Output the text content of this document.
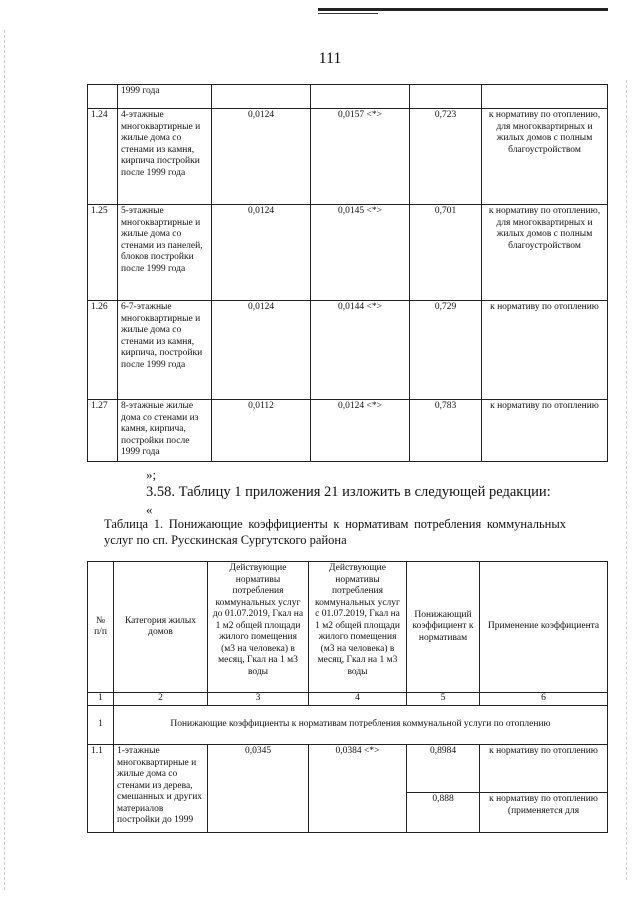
111
	1999 года				
1.24	4-этажные многоквартирные и жилые дома со стенами из камня, кирпича постройки после 1999 года	0,0124	0,0157 <*>	0,723	к нормативу по отоплению, для многоквартирных и жилых домов с полным благоустройством
1.25	5-этажные многоквартирные и жилые дома со стенами из панелей, блоков постройки после 1999 года	0,0124	0,0145 <*>	0,701	к нормативу по отоплению, для многоквартирных и жилых домов с полным благоустройством
1.26	6-7-этажные многоквартирные и жилые дома со стенами из камня, кирпича, постройки после 1999 года	0,0124	0,0144 <*>	0,729	к нормативу по отоплению
1.27	8-этажные жилые дома со стенами из камня, кирпича, постройки после 1999 года	0,0112	0,0124 <*>	0,783	к нормативу по отоплению
»;
3.58. Таблицу 1 приложения 21 изложить в следующей редакции:
«
Таблица 1. Понижающие коэффициенты к нормативам потребления коммунальных услуг по сп. Русскинская Сургутского района
№ п/п	Категория жилых домов	Действующие нормативы потребления коммунальных услуг до 01.07.2019, Гкал на 1 м2 общей площади жилого помещения (м3 на человека) в месяц, Гкал на 1 м3 воды	Действующие нормативы потребления коммунальных услуг с 01.07.2019, Гкал на 1 м2 общей площади жилого помещения (м3 на человека) в месяц, Гкал на 1 м3 воды	Понижающий коэффициент к нормативам	Применение коэффициента
1	2	3	4	5	6
1	Понижающие коэффициенты к нормативам потребления коммунальной услуги по отоплению				
1.1	1-этажные многоквартирные и жилые дома со стенами из дерева, смешанных и других материалов постройки до 1999	0,0345	0,0384 <*>	0,8984	к нормативу по отоплению
				0,888	к нормативу по отоплению (применяется для
